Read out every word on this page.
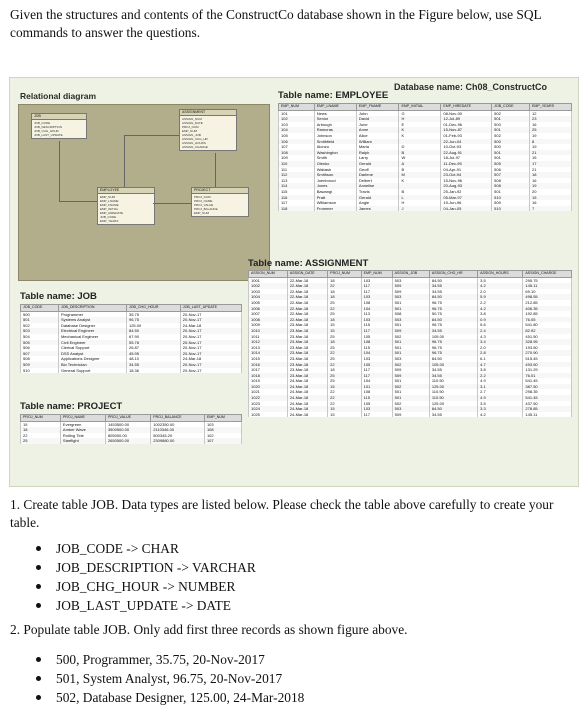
Given the structures and contents of the ConstructCo database shown in the Figure below, use SQL commands to answer the questions.
Database name: Ch08_ConstructCo
Relational diagram
JOB
JOB_CODE
JOB_DESCRIPTION
JOB_CHG_HOUR
JOB_LAST_UPDATE
ASSIGNMENT
ASSIGN_NUM
ASSIGN_DATE
PROJ_NUM
EMP_NUM
ASSIGN_JOB
ASSIGN_CHG_HR
ASSIGN_HOURS
ASSIGN_CHARGE
EMPLOYEE
EMP_NUM
EMP_LNAME
EMP_FNAME
EMP_INITIAL
EMP_HIREDATE
JOB_CODE
EMP_YEARS
PROJECT
PROJ_NUM
PROJ_NAME
PROJ_VALUE
PROJ_BALANCE
EMP_NUM
Table name: EMPLOYEE
EMP_NUM	EMP_LNAME	EMP_FNAME	EMP_INITIAL	EMP_HIREDATE	JOB_CODE	EMP_YEARS
101	News	John	G	08-Nov-00	502	12
102	Senior	David	H	12-Jul-89	501	23
103	Arbough	June	E	01-Dec-96	500	16
104	Ramoras	Anne	K	15-Nov-87	501	25
105	Johnson	Alice	K	01-Feb-93	502	19
106	Smithfield	William		22-Jun-04	500	8
107	Alonzo	Maria	D	10-Oct-93	500	19
108	Washington	Ralph	B	22-Aug-91	501	21
109	Smith	Larry	W	18-Jul-97	501	15
110	Olenko	Gerald	A	11-Dec-95	505	17
111	Wabash	Geoff	B	04-Apr-91	506	21
112	Smithson	Darlene	M	23-Oct-94	507	18
113	Joenbrood	Delbert	K	15-Nov-96	508	16
114	Jones	Annelise		20-Aug-93	508	19
115	Bawangi	Travis	B	25-Jan-92	501	20
116	Pratt	Gerald	L	05-Mar-97	510	15
117	Williamson	Angie	H	19-Jun-96	509	16
118	Frommer	James	J	04-Jan-05	510	7
Table name: JOB
JOB_CODE	JOB_DESCRIPTION	JOB_CHG_HOUR	JOB_LAST_UPDATE
500	Programmer	35.75	20-Nov-17
501	Systems Analyst	96.75	20-Nov-17
502	Database Designer	125.00	24-Mar-18
503	Electrical Engineer	84.50	20-Nov-17
504	Mechanical Engineer	67.90	20-Nov-17
505	Civil Engineer	55.78	20-Nov-17
506	Clerical Support	26.87	20-Nov-17
507	DSS Analyst	45.95	20-Nov-17
508	Applications Designer	48.10	24-Mar-18
509	Bio Technician	34.55	20-Nov-17
510	General Support	18.36	20-Nov-17
Table name: PROJECT
PROJ_NUM	PROJ_NAME	PROJ_VALUE	PROJ_BALANCE	EMP_NUM
15	Evergreen	1453500.00	1002350.00	103
18	Amber Wave	3500500.00	2110346.00	108
22	Rolling Tide	805000.00	500345.20	102
25	Starflight	2650500.00	2309880.00	107
Table name: ASSIGNMENT
ASSIGN_NUM	ASSIGN_DATE	PROJ_NUM	EMP_NUM	ASSIGN_JOB	ASSIGN_CHG_HR	ASSIGN_HOURS	ASSIGN_CHARGE
1001	22-Mar-18	18	103	503	84.50	3.5	295.75
1002	22-Mar-18	22	117	509	34.55	4.2	145.11
1003	22-Mar-18	18	117	509	34.55	2.0	69.10
1004	22-Mar-18	18	103	503	84.50	5.9	498.55
1005	22-Mar-18	25	108	501	96.75	2.2	212.85
1006	22-Mar-18	22	104	501	96.75	4.2	406.35
1007	22-Mar-18	25	113	508	50.75	3.8	192.85
1008	22-Mar-18	18	103	503	84.50	0.9	76.05
1009	23-Mar-18	15	115	501	96.75	5.6	541.80
1010	23-Mar-18	15	117	509	34.55	2.4	82.92
1011	23-Mar-18	25	105	502	105.00	4.3	451.50
1012	23-Mar-18	18	108	501	96.75	3.4	328.95
1013	23-Mar-18	25	115	501	96.75	2.0	193.50
1014	23-Mar-18	22	104	501	96.75	2.8	270.90
1015	23-Mar-18	25	103	503	84.50	6.1	515.45
1016	23-Mar-18	22	105	502	105.00	4.7	493.50
1017	23-Mar-18	18	117	509	34.55	3.8	131.29
1018	23-Mar-18	25	117	509	34.55	2.2	76.01
1019	24-Mar-18	25	104	501	110.50	4.9	541.45
1020	24-Mar-18	15	101	502	125.00	3.1	387.50
1021	24-Mar-18	22	108	501	110.50	2.7	298.35
1022	24-Mar-18	22	115	501	110.50	4.9	541.45
1023	24-Mar-18	22	105	502	125.00	3.5	437.50
1024	24-Mar-18	15	103	503	84.50	3.3	278.85
1025	24-Mar-18	15	117	509	34.55	4.2	145.11
1. Create table JOB. Data types are listed below. Please check the table above carefully to create your table.
JOB_CODE -> CHAR
JOB_DESCRIPTION -> VARCHAR
JOB_CHG_HOUR -> NUMBER
JOB_LAST_UPDATE -> DATE
2. Populate table JOB. Only add first three records as shown figure above.
500, Programmer, 35.75, 20-Nov-2017
501, System Analyst, 96.75, 20-Nov-2017
502, Database Designer, 125.00, 24-Mar-2018
